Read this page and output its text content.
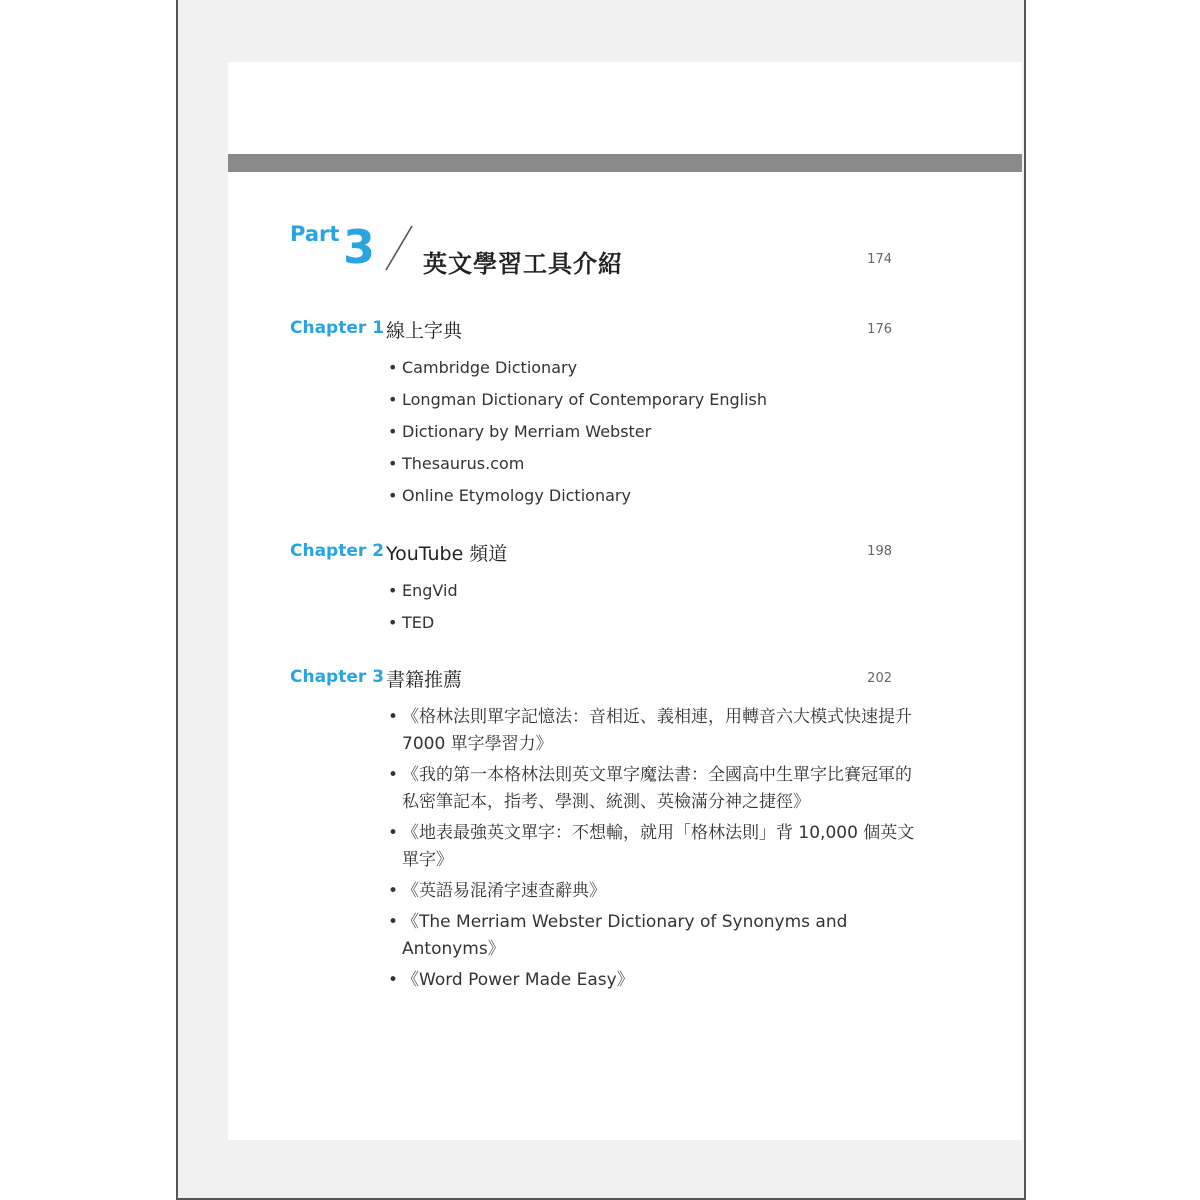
Part 3 英文學習工具介紹	174
Chapter 1 線上字典	176
• Cambridge Dictionary
• Longman Dictionary of Contemporary English
• Dictionary by Merriam Webster
• Thesaurus.com
• Online Etymology Dictionary
Chapter 2 YouTube 頻道	198
• EngVid
• TED
Chapter 3 書籍推薦	202
• 《格林法則單字記憶法：音相近、義相連，用轉音六大模式快速提升 7000 單字學習力》
• 《我的第一本格林法則英文單字魔法書：全國高中生單字比賽冠軍的私密筆記本，指考、學測、統測、英檢滿分神之捷徑》
• 《地表最強英文單字：不想輸，就用「格林法則」背 10,000 個英文單字》
• 《英語易混淆字速查辭典》
• 《The Merriam Webster Dictionary of Synonyms and Antonyms》
• 《Word Power Made Easy》
